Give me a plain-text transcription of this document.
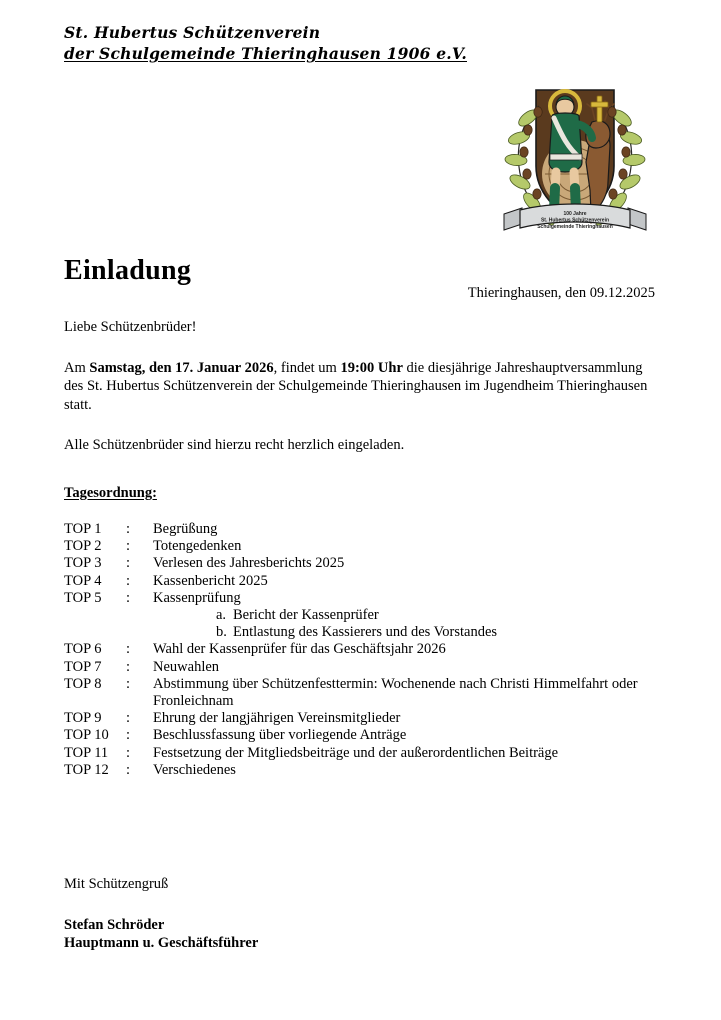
St. Hubertus Schützenverein
der Schulgemeinde Thieringhausen 1906 e.V.
100 Jahre
St. Hubertus Schützenverein
Schulgemeinde Thieringhausen
Einladung
Thieringhausen, den 09.12.2025

Liebe Schützenbrüder!

Am Samstag, den 17. Januar 2026, findet um 19:00 Uhr die diesjährige Jahreshauptversammlung des St. Hubertus Schützenverein der Schulgemeinde Thieringhausen im Jugendheim Thieringhausen statt.

Alle Schützenbrüder sind hierzu recht herzlich eingeladen.

Tagesordnung:
TOP 1	:	Begrüßung
TOP 2	:	Totengedenken
TOP 3	:	Verlesen des Jahresberichts 2025
TOP 4	:	Kassenbericht 2025
TOP 5	:	Kassenprüfung
a. Bericht der Kassenprüfer
b. Entlastung des Kassierers und des Vorstandes
TOP 6	:	Wahl der Kassenprüfer für das Geschäftsjahr 2026
TOP 7	:	Neuwahlen
TOP 8	:	Abstimmung über Schützenfesttermin: Wochenende nach Christi Himmelfahrt oder Fronleichnam
TOP 9	:	Ehrung der langjährigen Vereinsmitglieder
TOP 10	:	Beschlussfassung über vorliegende Anträge
TOP 11	:	Festsetzung der Mitgliedsbeiträge und der außerordentlichen Beiträge
TOP 12	:	Verschiedenes

Mit Schützengruß

Stefan Schröder

Hauptmann u. Geschäftsführer
